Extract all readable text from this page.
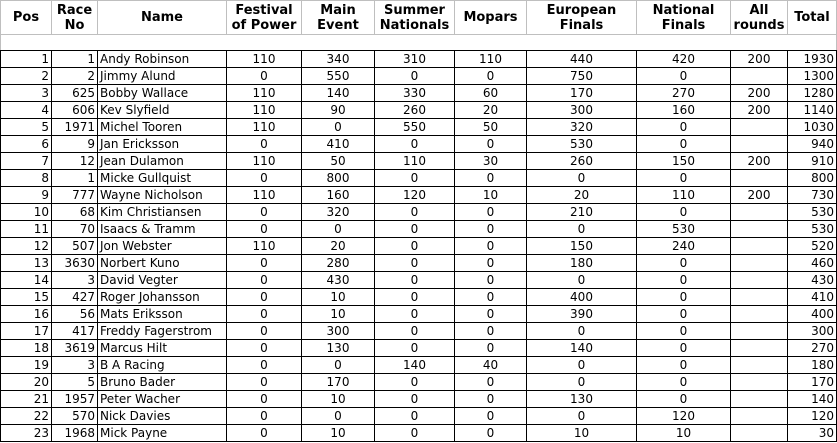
Pos	Race No	Name	Festival of Power	Main Event	Summer Nationals	Mopars	European Finals	National Finals	All rounds	Total

1	1	Andy Robinson	110	340	310	110	440	420	200	1930
2	2	Jimmy Alund	0	550	0	0	750	0		1300
3	625	Bobby Wallace	110	140	330	60	170	270	200	1280
4	606	Kev Slyfield	110	90	260	20	300	160	200	1140
5	1971	Michel Tooren	110	0	550	50	320	0		1030
6	9	Jan Ericksson	0	410	0	0	530	0		940
7	12	Jean Dulamon	110	50	110	30	260	150	200	910
8	1	Micke Gullquist	0	800	0	0	0	0		800
9	777	Wayne Nicholson	110	160	120	10	20	110	200	730
10	68	Kim Christiansen	0	320	0	0	210	0		530
11	70	Isaacs & Tramm	0	0	0	0	0	530		530
12	507	Jon Webster	110	20	0	0	150	240		520
13	3630	Norbert Kuno	0	280	0	0	180	0		460
14	3	David Vegter	0	430	0	0	0	0		430
15	427	Roger Johansson	0	10	0	0	400	0		410
16	56	Mats Eriksson	0	10	0	0	390	0		400
17	417	Freddy Fagerstrom	0	300	0	0	0	0		300
18	3619	Marcus Hilt	0	130	0	0	140	0		270
19	3	B A Racing	0	0	140	40	0	0		180
20	5	Bruno Bader	0	170	0	0	0	0		170
21	1957	Peter Wacher	0	10	0	0	130	0		140
22	570	Nick Davies	0	0	0	0	0	120		120
23	1968	Mick Payne	0	10	0	0	10	10		30
